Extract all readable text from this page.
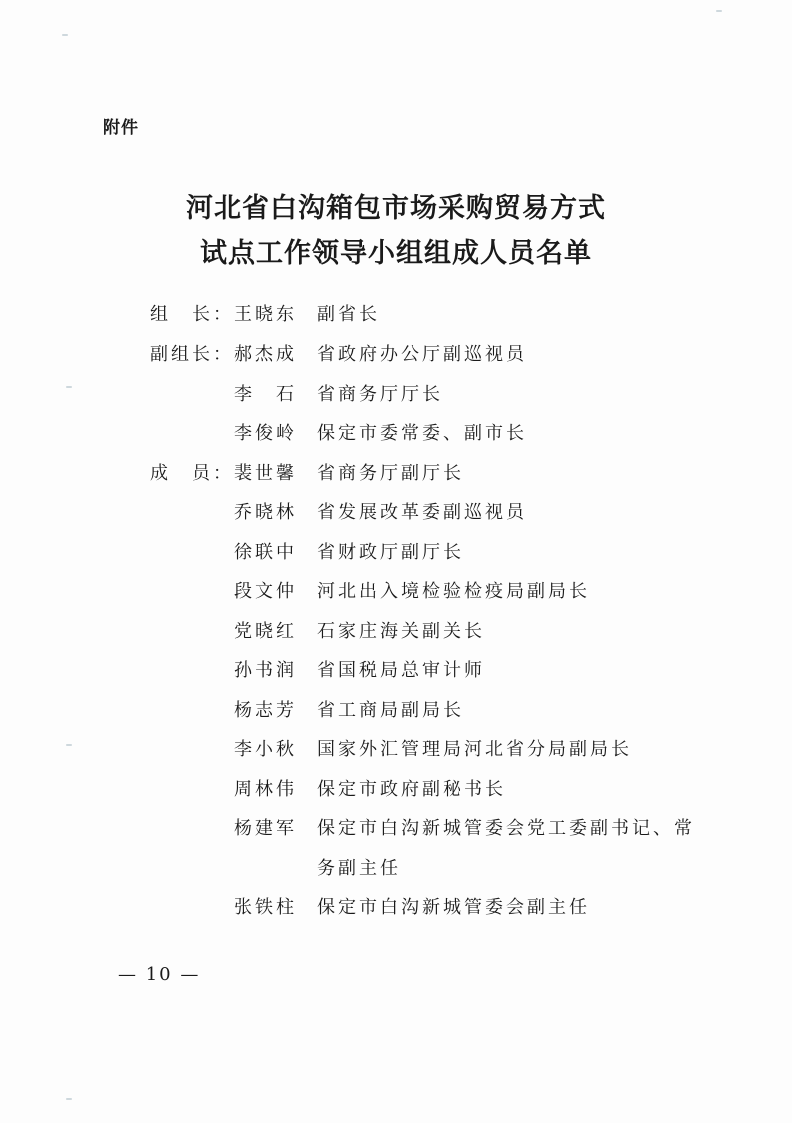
附件
河北省白沟箱包市场采购贸易方式
试点工作领导小组组成人员名单
组　长： 王晓东	副省长
副组长： 郝杰成	省政府办公厅副巡视员
李　石	省商务厅厅长
李俊岭	保定市委常委、副市长
成　员： 裴世馨	省商务厅副厅长
乔晓林	省发展改革委副巡视员
徐联中	省财政厅副厅长
段文仲	河北出入境检验检疫局副局长
党晓红	石家庄海关副关长
孙书润	省国税局总审计师
杨志芳	省工商局副局长
李小秋	国家外汇管理局河北省分局副局长
周林伟	保定市政府副秘书长
杨建军	保定市白沟新城管委会党工委副书记、常
务副主任
张铁柱	保定市白沟新城管委会副主任
— 10 —
